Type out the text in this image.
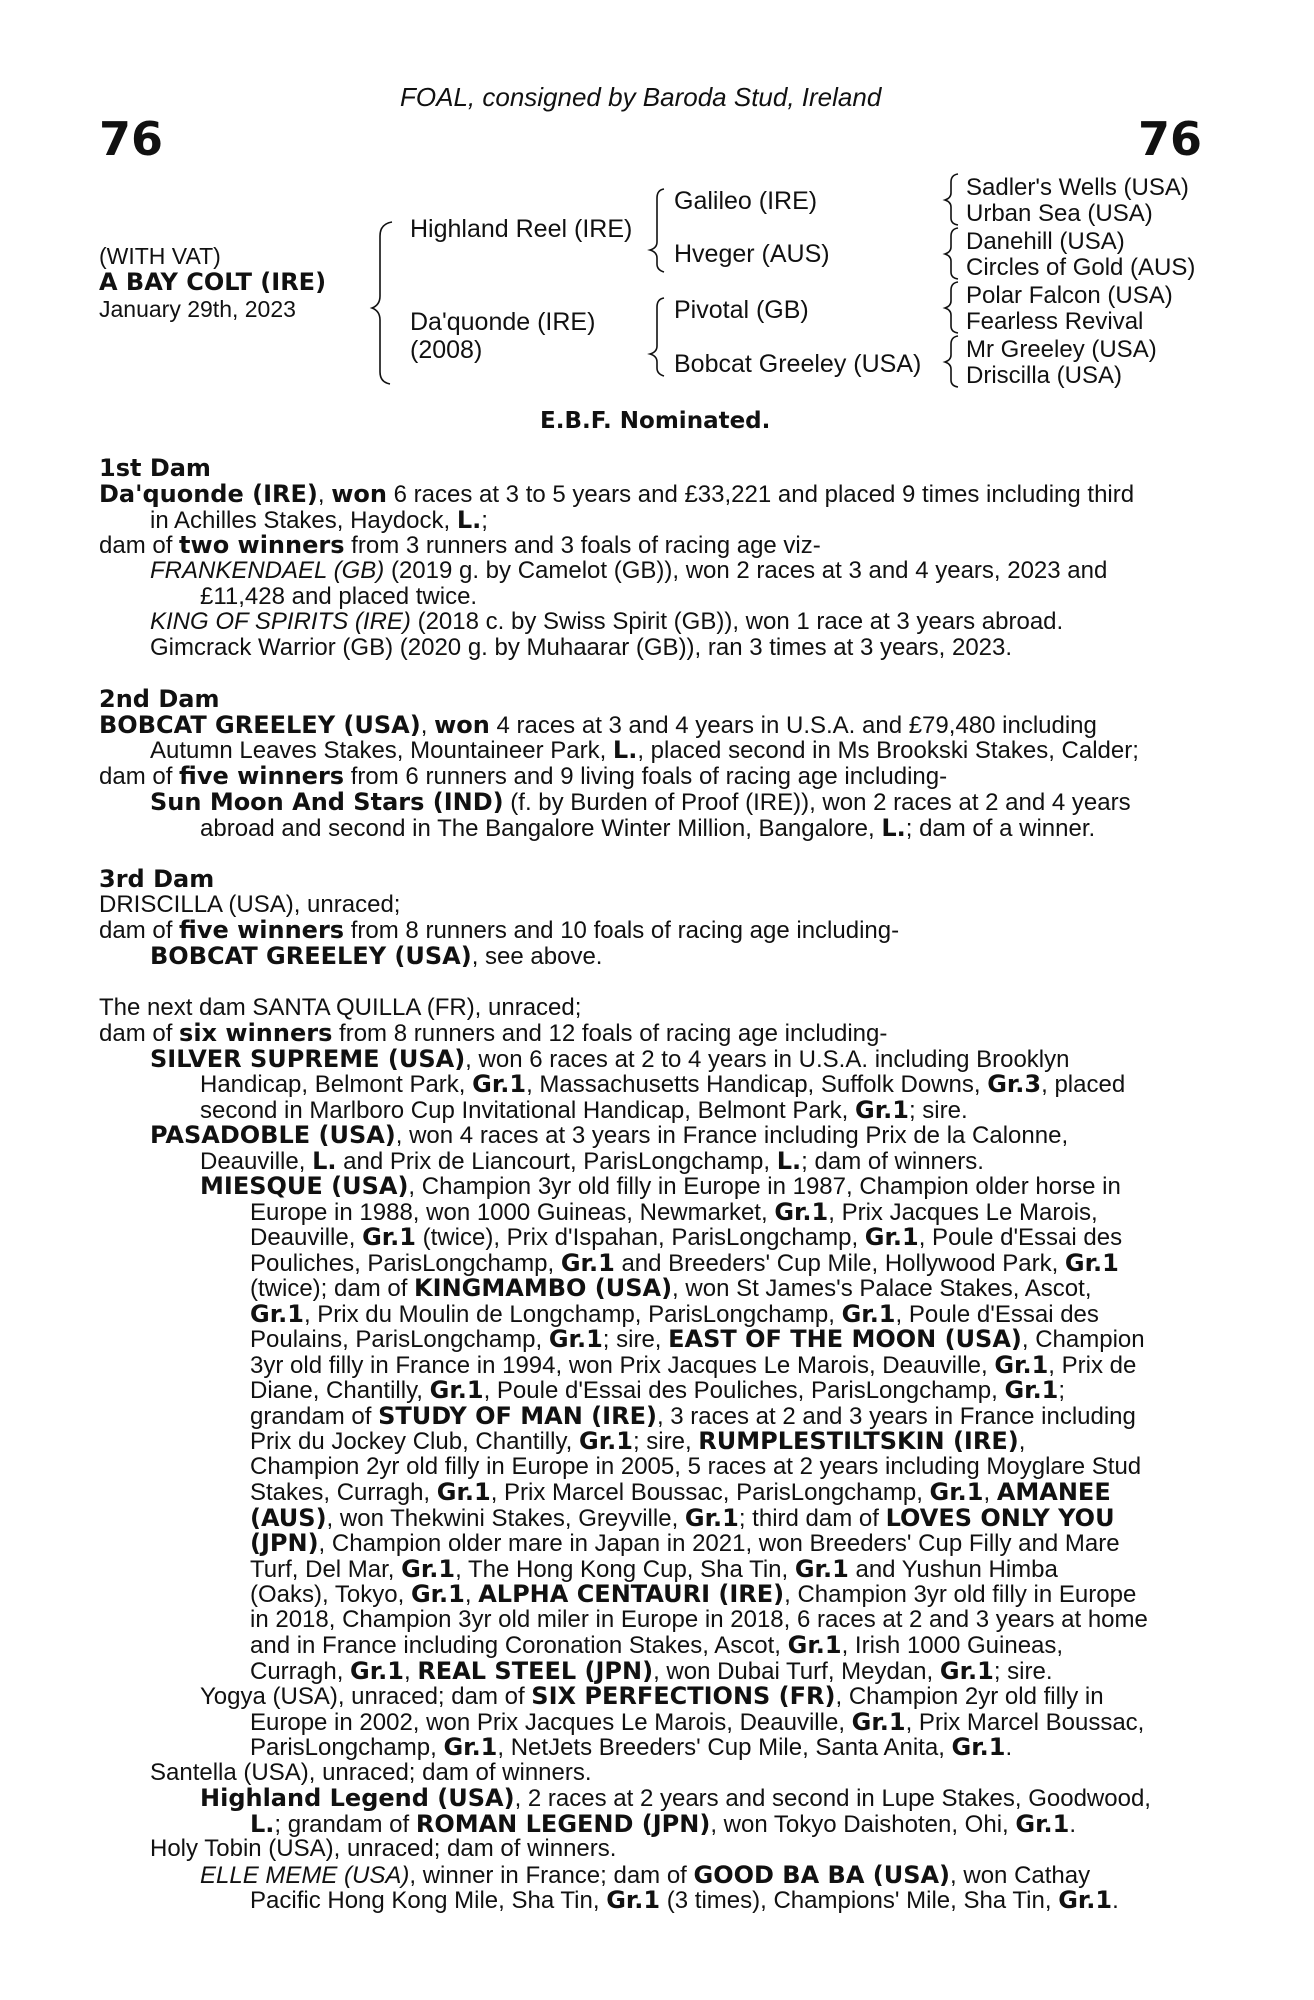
FOAL, consigned by Baroda Stud, Ireland
76	76
(WITH VAT)
A BAY COLT (IRE)
January 29th, 2023
Highland Reel (IRE)
Da'quonde (IRE)
(2008)
Galileo (IRE)
Hveger (AUS)
Pivotal (GB)
Bobcat Greeley (USA)
Sadler's Wells (USA)
Urban Sea (USA)
Danehill (USA)
Circles of Gold (AUS)
Polar Falcon (USA)
Fearless Revival
Mr Greeley (USA)
Driscilla (USA)
E.B.F. Nominated.
1st Dam
Da'quonde (IRE), won 6 races at 3 to 5 years and £33,221 and placed 9 times including third
in Achilles Stakes, Haydock, L.;
dam of two winners from 3 runners and 3 foals of racing age viz-
FRANKENDAEL (GB) (2019 g. by Camelot (GB)), won 2 races at 3 and 4 years, 2023 and
£11,428 and placed twice.
KING OF SPIRITS (IRE) (2018 c. by Swiss Spirit (GB)), won 1 race at 3 years abroad.
Gimcrack Warrior (GB) (2020 g. by Muhaarar (GB)), ran 3 times at 3 years, 2023.
2nd Dam
BOBCAT GREELEY (USA), won 4 races at 3 and 4 years in U.S.A. and £79,480 including
Autumn Leaves Stakes, Mountaineer Park, L., placed second in Ms Brookski Stakes, Calder;
dam of five winners from 6 runners and 9 living foals of racing age including-
Sun Moon And Stars (IND) (f. by Burden of Proof (IRE)), won 2 races at 2 and 4 years
abroad and second in The Bangalore Winter Million, Bangalore, L.; dam of a winner.
3rd Dam
DRISCILLA (USA), unraced;
dam of five winners from 8 runners and 10 foals of racing age including-
BOBCAT GREELEY (USA), see above.
The next dam SANTA QUILLA (FR), unraced;
dam of six winners from 8 runners and 12 foals of racing age including-
SILVER SUPREME (USA), won 6 races at 2 to 4 years in U.S.A. including Brooklyn
Handicap, Belmont Park, Gr.1, Massachusetts Handicap, Suffolk Downs, Gr.3, placed
second in Marlboro Cup Invitational Handicap, Belmont Park, Gr.1; sire.
PASADOBLE (USA), won 4 races at 3 years in France including Prix de la Calonne,
Deauville, L. and Prix de Liancourt, ParisLongchamp, L.; dam of winners.
MIESQUE (USA), Champion 3yr old filly in Europe in 1987, Champion older horse in
Europe in 1988, won 1000 Guineas, Newmarket, Gr.1, Prix Jacques Le Marois,
Deauville, Gr.1 (twice), Prix d'Ispahan, ParisLongchamp, Gr.1, Poule d'Essai des
Pouliches, ParisLongchamp, Gr.1 and Breeders' Cup Mile, Hollywood Park, Gr.1
(twice); dam of KINGMAMBO (USA), won St James's Palace Stakes, Ascot,
Gr.1, Prix du Moulin de Longchamp, ParisLongchamp, Gr.1, Poule d'Essai des
Poulains, ParisLongchamp, Gr.1; sire, EAST OF THE MOON (USA), Champion
3yr old filly in France in 1994, won Prix Jacques Le Marois, Deauville, Gr.1, Prix de
Diane, Chantilly, Gr.1, Poule d'Essai des Pouliches, ParisLongchamp, Gr.1;
grandam of STUDY OF MAN (IRE), 3 races at 2 and 3 years in France including
Prix du Jockey Club, Chantilly, Gr.1; sire, RUMPLESTILTSKIN (IRE),
Champion 2yr old filly in Europe in 2005, 5 races at 2 years including Moyglare Stud
Stakes, Curragh, Gr.1, Prix Marcel Boussac, ParisLongchamp, Gr.1, AMANEE
(AUS), won Thekwini Stakes, Greyville, Gr.1; third dam of LOVES ONLY YOU
(JPN), Champion older mare in Japan in 2021, won Breeders' Cup Filly and Mare
Turf, Del Mar, Gr.1, The Hong Kong Cup, Sha Tin, Gr.1 and Yushun Himba
(Oaks), Tokyo, Gr.1, ALPHA CENTAURI (IRE), Champion 3yr old filly in Europe
in 2018, Champion 3yr old miler in Europe in 2018, 6 races at 2 and 3 years at home
and in France including Coronation Stakes, Ascot, Gr.1, Irish 1000 Guineas,
Curragh, Gr.1, REAL STEEL (JPN), won Dubai Turf, Meydan, Gr.1; sire.
Yogya (USA), unraced; dam of SIX PERFECTIONS (FR), Champion 2yr old filly in
Europe in 2002, won Prix Jacques Le Marois, Deauville, Gr.1, Prix Marcel Boussac,
ParisLongchamp, Gr.1, NetJets Breeders' Cup Mile, Santa Anita, Gr.1.
Santella (USA), unraced; dam of winners.
Highland Legend (USA), 2 races at 2 years and second in Lupe Stakes, Goodwood,
L.; grandam of ROMAN LEGEND (JPN), won Tokyo Daishoten, Ohi, Gr.1.
Holy Tobin (USA), unraced; dam of winners.
ELLE MEME (USA), winner in France; dam of GOOD BA BA (USA), won Cathay
Pacific Hong Kong Mile, Sha Tin, Gr.1 (3 times), Champions' Mile, Sha Tin, Gr.1.
